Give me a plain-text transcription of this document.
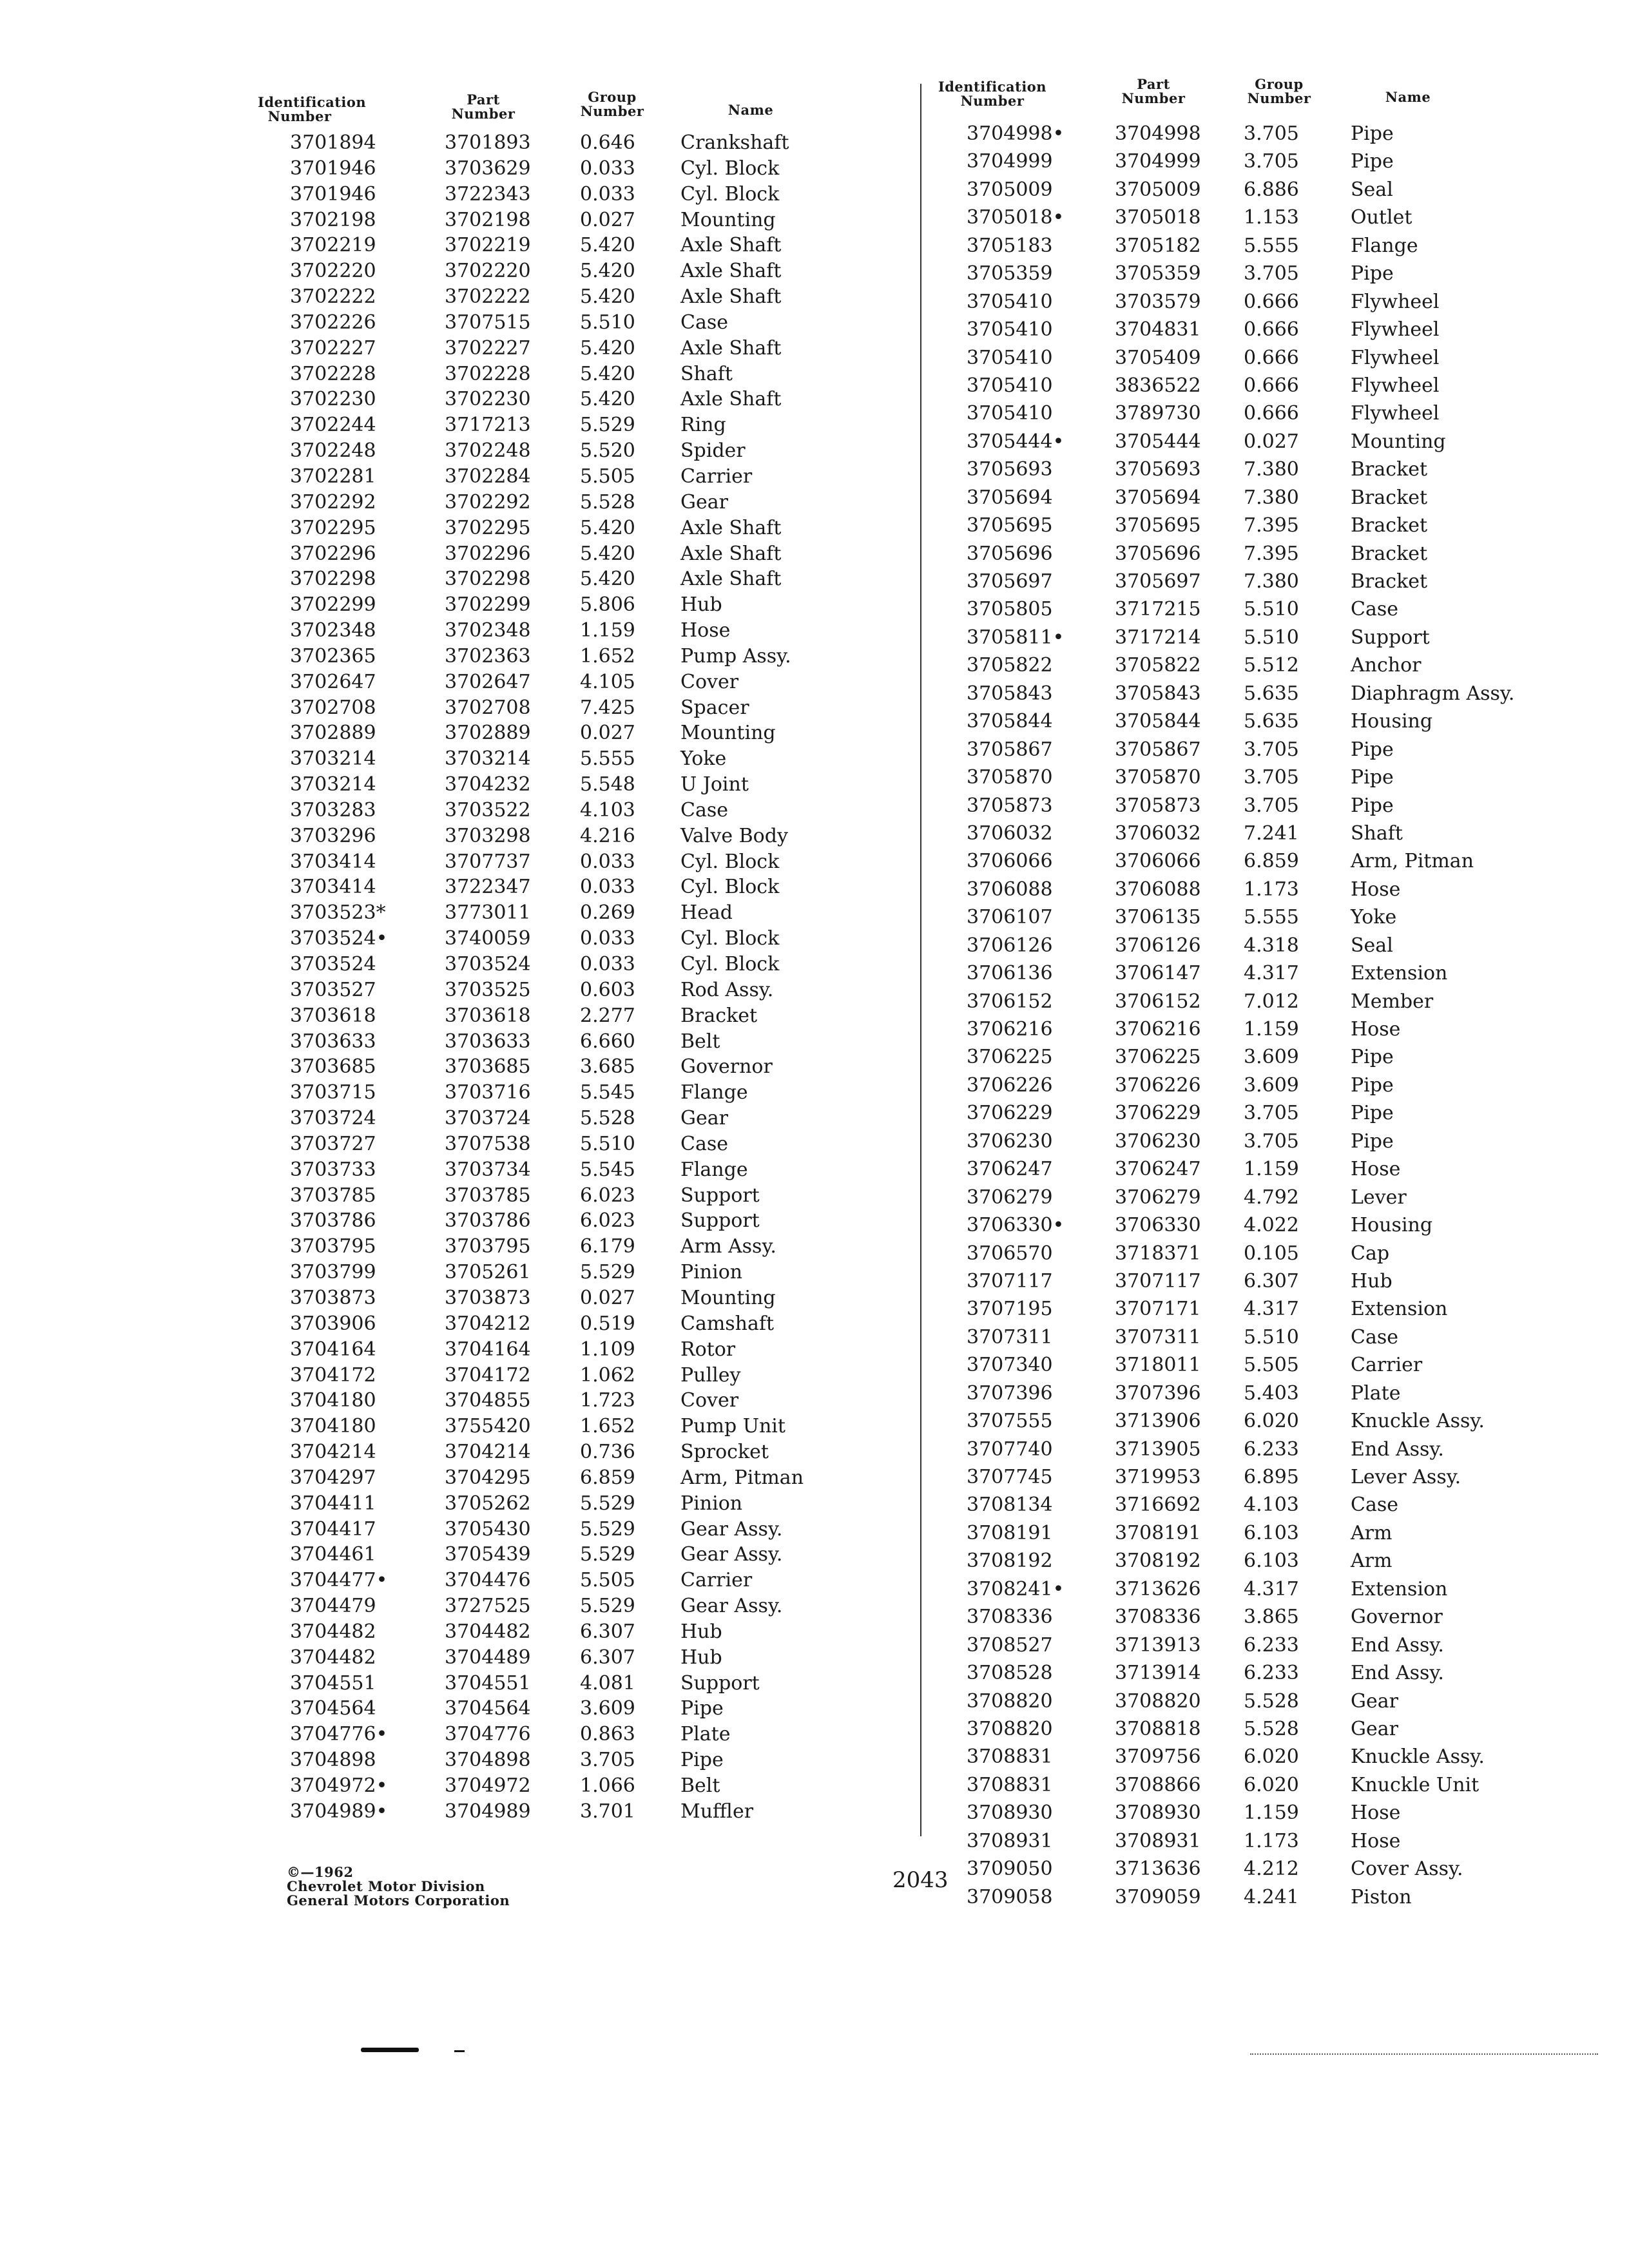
Identification
Number
Part
Number
Group
Number	Name
3701894	3701893	0.646 Crankshaft
3701946	3703629	0.033 Cyl. Block
3701946	3722343	0.033 Cyl. Block
3702198	3702198	0.027 Mounting
3702219	3702219	5.420 Axle Shaft
3702220	3702220	5.420 Axle Shaft
3702222	3702222	5.420 Axle Shaft
3702226	3707515	5.510 Case
3702227	3702227	5.420 Axle Shaft
3702228	3702228	5.420 Shaft
3702230	3702230	5.420 Axle Shaft
3702244	3717213	5.529 Ring
3702248	3702248	5.520 Spider
3702281	3702284	5.505 Carrier
3702292	3702292	5.528 Gear
3702295	3702295	5.420 Axle Shaft
3702296	3702296	5.420 Axle Shaft
3702298	3702298	5.420 Axle Shaft
3702299	3702299	5.806 Hub
3702348	3702348	1.159 Hose
3702365	3702363	1.652 Pump Assy.
3702647	3702647	4.105 Cover
3702708	3702708	7.425 Spacer
3702889	3702889	0.027 Mounting
3703214	3703214	5.555 Yoke
3703214	3704232	5.548 U Joint
3703283	3703522	4.103 Case
3703296	3703298	4.216 Valve Body
3703414	3707737	0.033 Cyl. Block
3703414	3722347	0.033 Cyl. Block
3703523*	3773011	0.269 Head
3703524•	3740059	0.033 Cyl. Block
3703524	3703524	0.033 Cyl. Block
3703527	3703525	0.603 Rod Assy.
3703618	3703618	2.277 Bracket
3703633	3703633	6.660 Belt
3703685	3703685	3.685 Governor
3703715	3703716	5.545 Flange
3703724	3703724	5.528 Gear
3703727	3707538	5.510 Case
3703733	3703734	5.545 Flange
3703785	3703785	6.023 Support
3703786	3703786	6.023 Support
3703795	3703795	6.179 Arm Assy.
3703799	3705261	5.529 Pinion
3703873	3703873	0.027 Mounting
3703906	3704212	0.519 Camshaft
3704164	3704164	1.109 Rotor
3704172	3704172	1.062 Pulley
3704180	3704855	1.723 Cover
3704180	3755420	1.652 Pump Unit
3704214	3704214	0.736 Sprocket
3704297	3704295	6.859 Arm, Pitman
3704411	3705262	5.529 Pinion
3704417	3705430	5.529 Gear Assy.
3704461	3705439	5.529 Gear Assy.
3704477•	3704476	5.505 Carrier
3704479	3727525	5.529 Gear Assy.
3704482	3704482	6.307 Hub
3704482	3704489	6.307 Hub
3704551	3704551	4.081 Support
3704564	3704564	3.609 Pipe
3704776•	3704776	0.863 Plate
3704898	3704898	3.705 Pipe
3704972•	3704972	1.066 Belt
3704989•	3704989	3.701 Muffler
Identification
Number
Part
Number
Group
Number	Name
3704998•	3704998 3.705	Pipe
3704999	3704999 3.705	Pipe
3705009	3705009 6.886	Seal
3705018•	3705018 1.153	Outlet
3705183	3705182 5.555	Flange
3705359	3705359 3.705	Pipe
3705410	3703579 0.666	Flywheel
3705410	3704831 0.666	Flywheel
3705410	3705409 0.666	Flywheel
3705410	3836522 0.666	Flywheel
3705410	3789730 0.666	Flywheel
3705444•	3705444 0.027	Mounting
3705693	3705693 7.380	Bracket
3705694	3705694 7.380	Bracket
3705695	3705695 7.395	Bracket
3705696	3705696 7.395	Bracket
3705697	3705697 7.380	Bracket
3705805	3717215 5.510	Case
3705811•	3717214 5.510	Support
3705822	3705822 5.512	Anchor
3705843	3705843 5.635	Diaphragm Assy.
3705844	3705844 5.635	Housing
3705867	3705867 3.705	Pipe
3705870	3705870 3.705	Pipe
3705873	3705873 3.705	Pipe
3706032	3706032 7.241	Shaft
3706066	3706066 6.859	Arm, Pitman
3706088	3706088 1.173	Hose
3706107	3706135 5.555	Yoke
3706126	3706126 4.318	Seal
3706136	3706147 4.317	Extension
3706152	3706152 7.012	Member
3706216	3706216 1.159	Hose
3706225	3706225 3.609	Pipe
3706226	3706226 3.609	Pipe
3706229	3706229 3.705	Pipe
3706230	3706230 3.705	Pipe
3706247	3706247 1.159	Hose
3706279	3706279 4.792	Lever
3706330•	3706330 4.022	Housing
3706570	3718371 0.105	Cap
3707117	3707117 6.307	Hub
3707195	3707171 4.317	Extension
3707311	3707311 5.510	Case
3707340	3718011 5.505	Carrier
3707396	3707396 5.403	Plate
3707555	3713906 6.020	Knuckle Assy.
3707740	3713905 6.233	End Assy.
3707745	3719953 6.895	Lever Assy.
3708134	3716692 4.103	Case
3708191	3708191 6.103	Arm
3708192	3708192 6.103	Arm
3708241•	3713626 4.317	Extension
3708336	3708336 3.865	Governor
3708527	3713913 6.233	End Assy.
3708528	3713914 6.233	End Assy.
3708820	3708820 5.528	Gear
3708820	3708818 5.528	Gear
3708831	3709756 6.020	Knuckle Assy.
3708831	3708866 6.020	Knuckle Unit
3708930	3708930 1.159	Hose
3708931	3708931 1.173	Hose
3709050	3713636 4.212	Cover Assy.
3709058	3709059 4.241	Piston
©—1962
Chevrolet Motor Division
General Motors Corporation
2043
